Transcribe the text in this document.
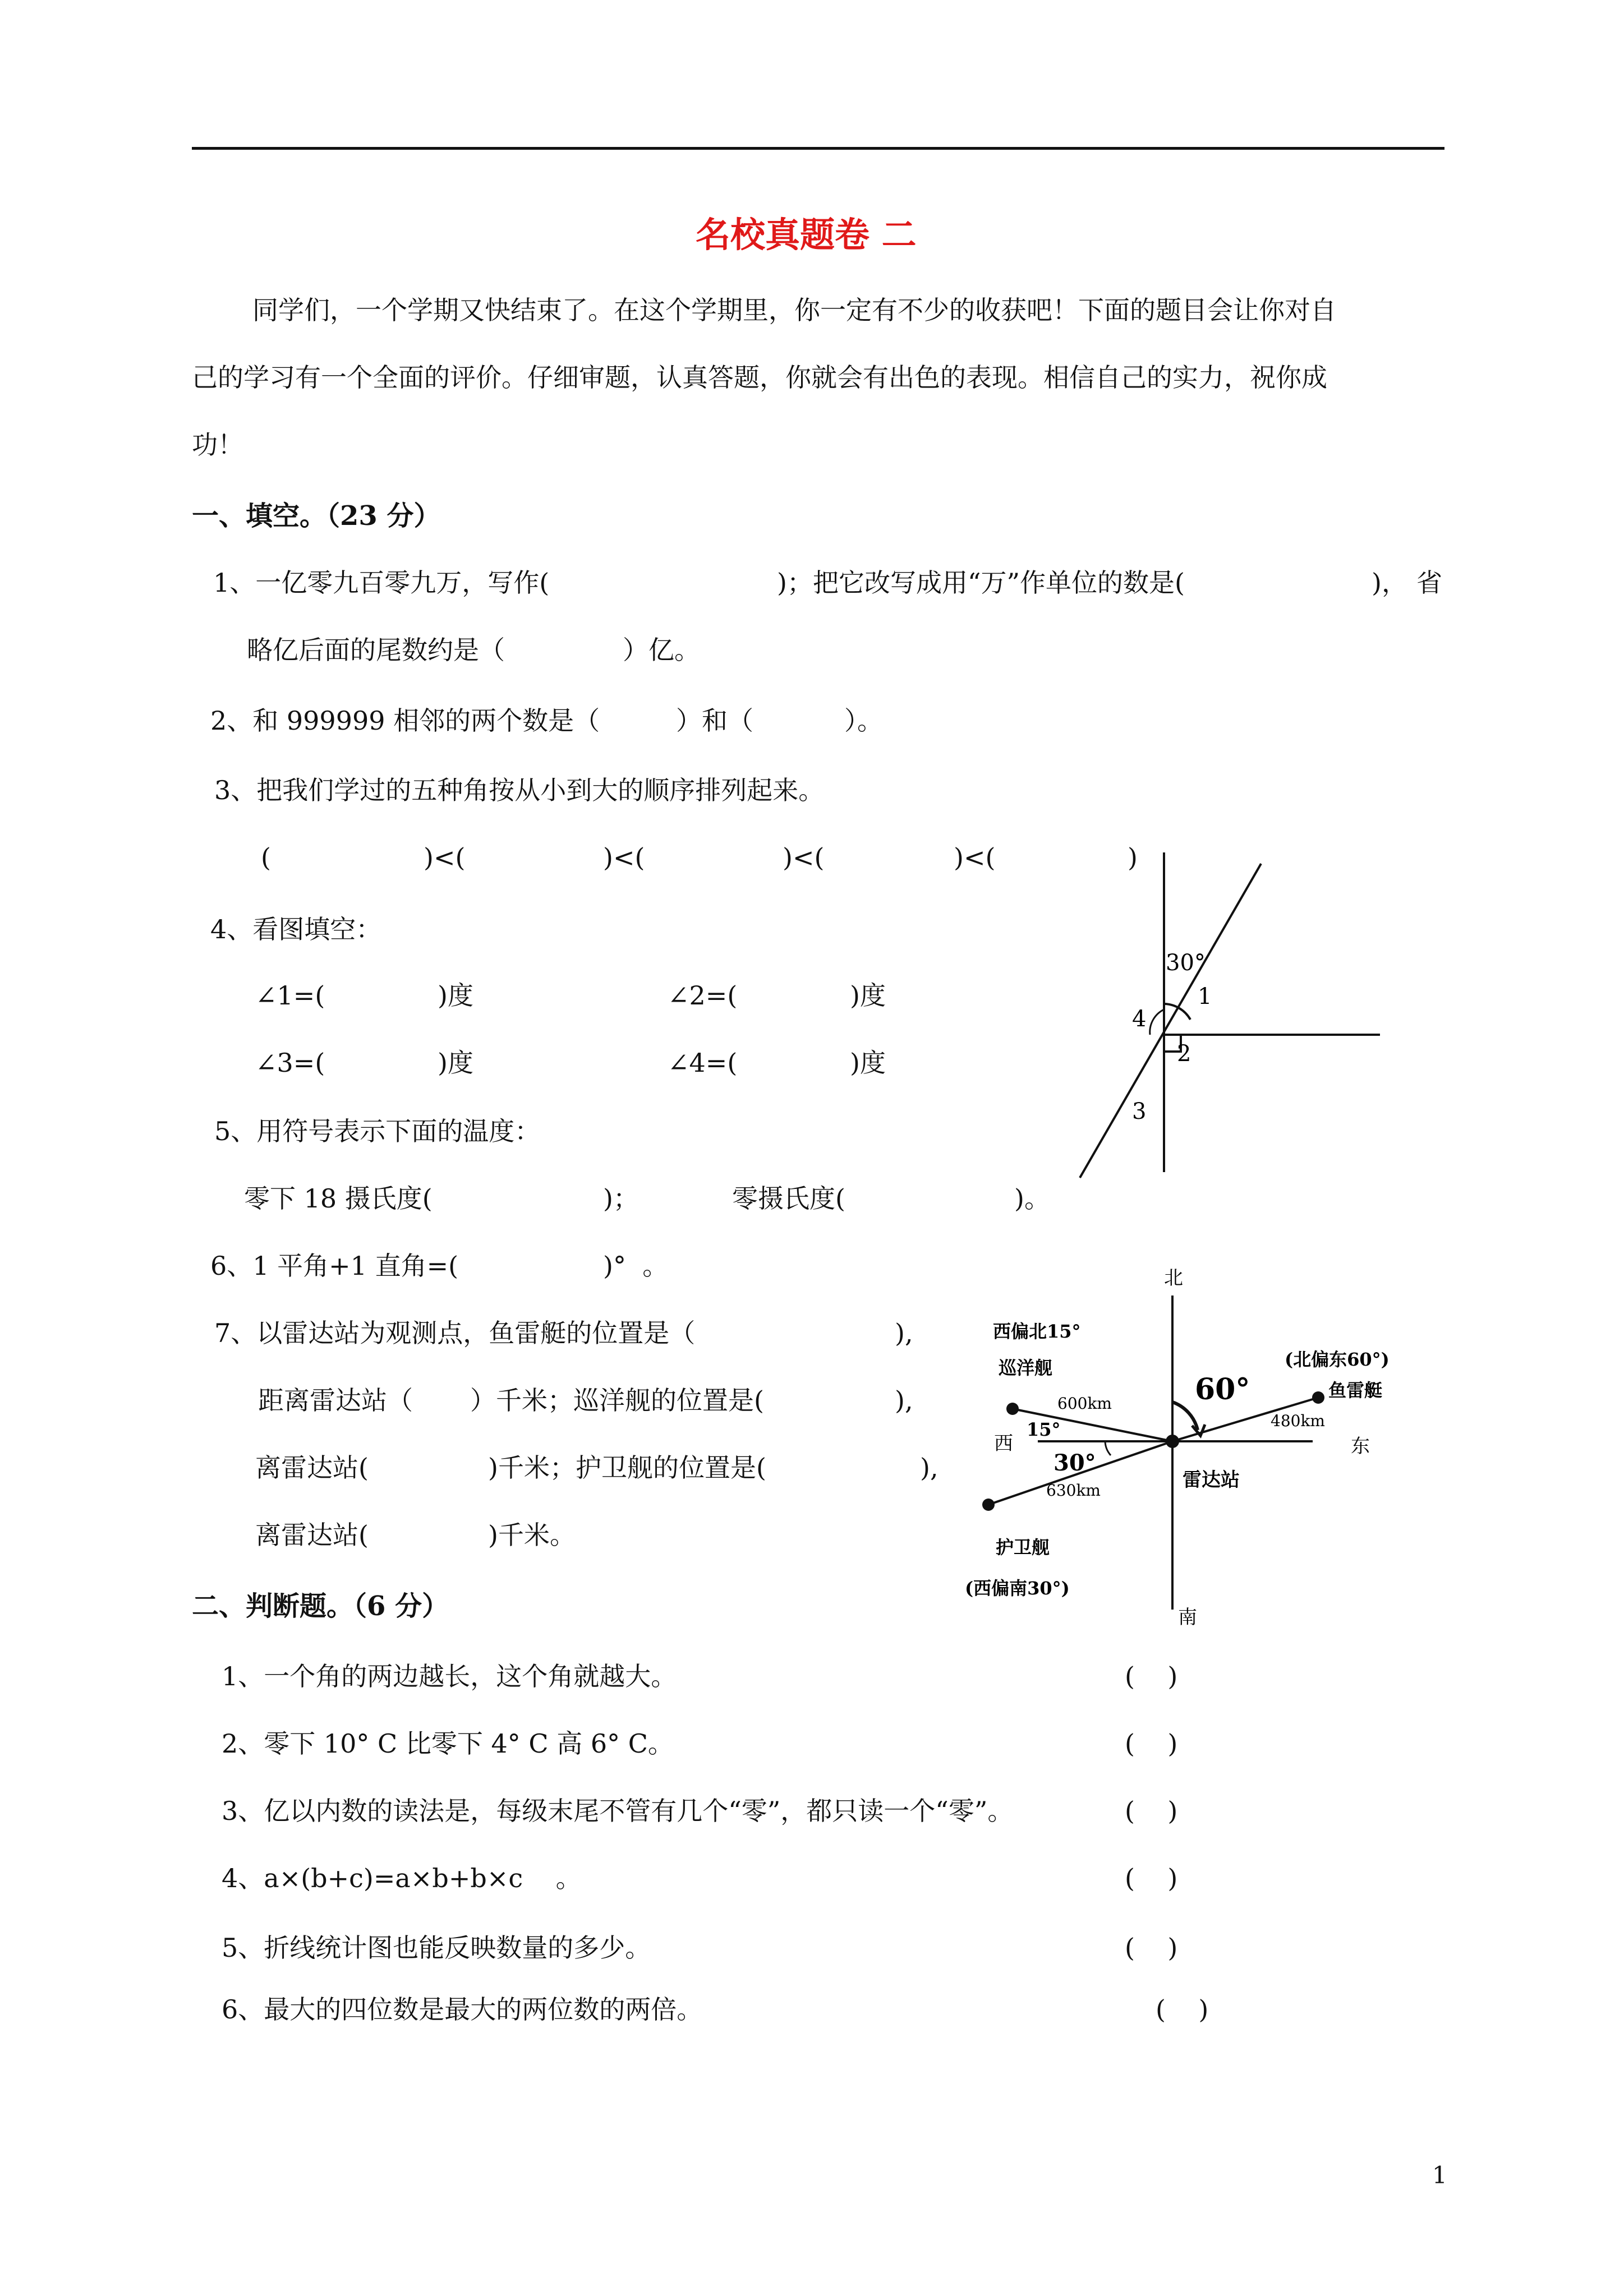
名校真题卷 二
同学们，一个学期又快结束了。在这个学期里，你一定有不少的收获吧！下面的题目会让你对自
己的学习有一个全面的评价。仔细审题，认真答题，你就会有出色的表现。相信自己的实力，祝你成
功！
一、填空。（23 分）
1、一亿零九百零九万，写作(	)；把它改写成用“万”作单位的数是(	)， 省
略亿后面的尾数约是（	）亿。
2、和 999999 相邻的两个数是（	）和（	）。
3、把我们学过的五种角按从小到大的顺序排列起来。
(	)<(	)<(	)<(	)<(	)
4、看图填空：
∠1=(	)度	∠2=(	)度
∠3=(	)度	∠4=(	)度
30°
1
2
3
4
5、用符号表示下面的温度：
零下 18 摄氏度(	)；	零摄氏度(	)。
6、1 平角+1 直角=(	)°  。
7、以雷达站为观测点，鱼雷艇的位置是（	),
距离雷达站（ ）千米；巡洋舰的位置是(	),
离雷达站(	)千米；护卫舰的位置是(	),
离雷达站(	)千米。
北
南
西	东
雷达站
西偏北15°
巡洋舰
600km
15°
(北偏东60°)
鱼雷艇
480km
60°
630km
30°
护卫舰
(西偏南30°)
二、判断题。（6 分）
1、一个角的两边越长，这个角就越大。	(    )
2、零下 10° C 比零下 4° C 高 6° C。	(    )
3、亿以内数的读法是，每级末尾不管有几个“零”，都只读一个“零”。	(    )
4、a×(b+c)=a×b+b×c    。	(    )
5、折线统计图也能反映数量的多少。	(    )
6、最大的四位数是最大的两位数的两倍。	(    )
1
